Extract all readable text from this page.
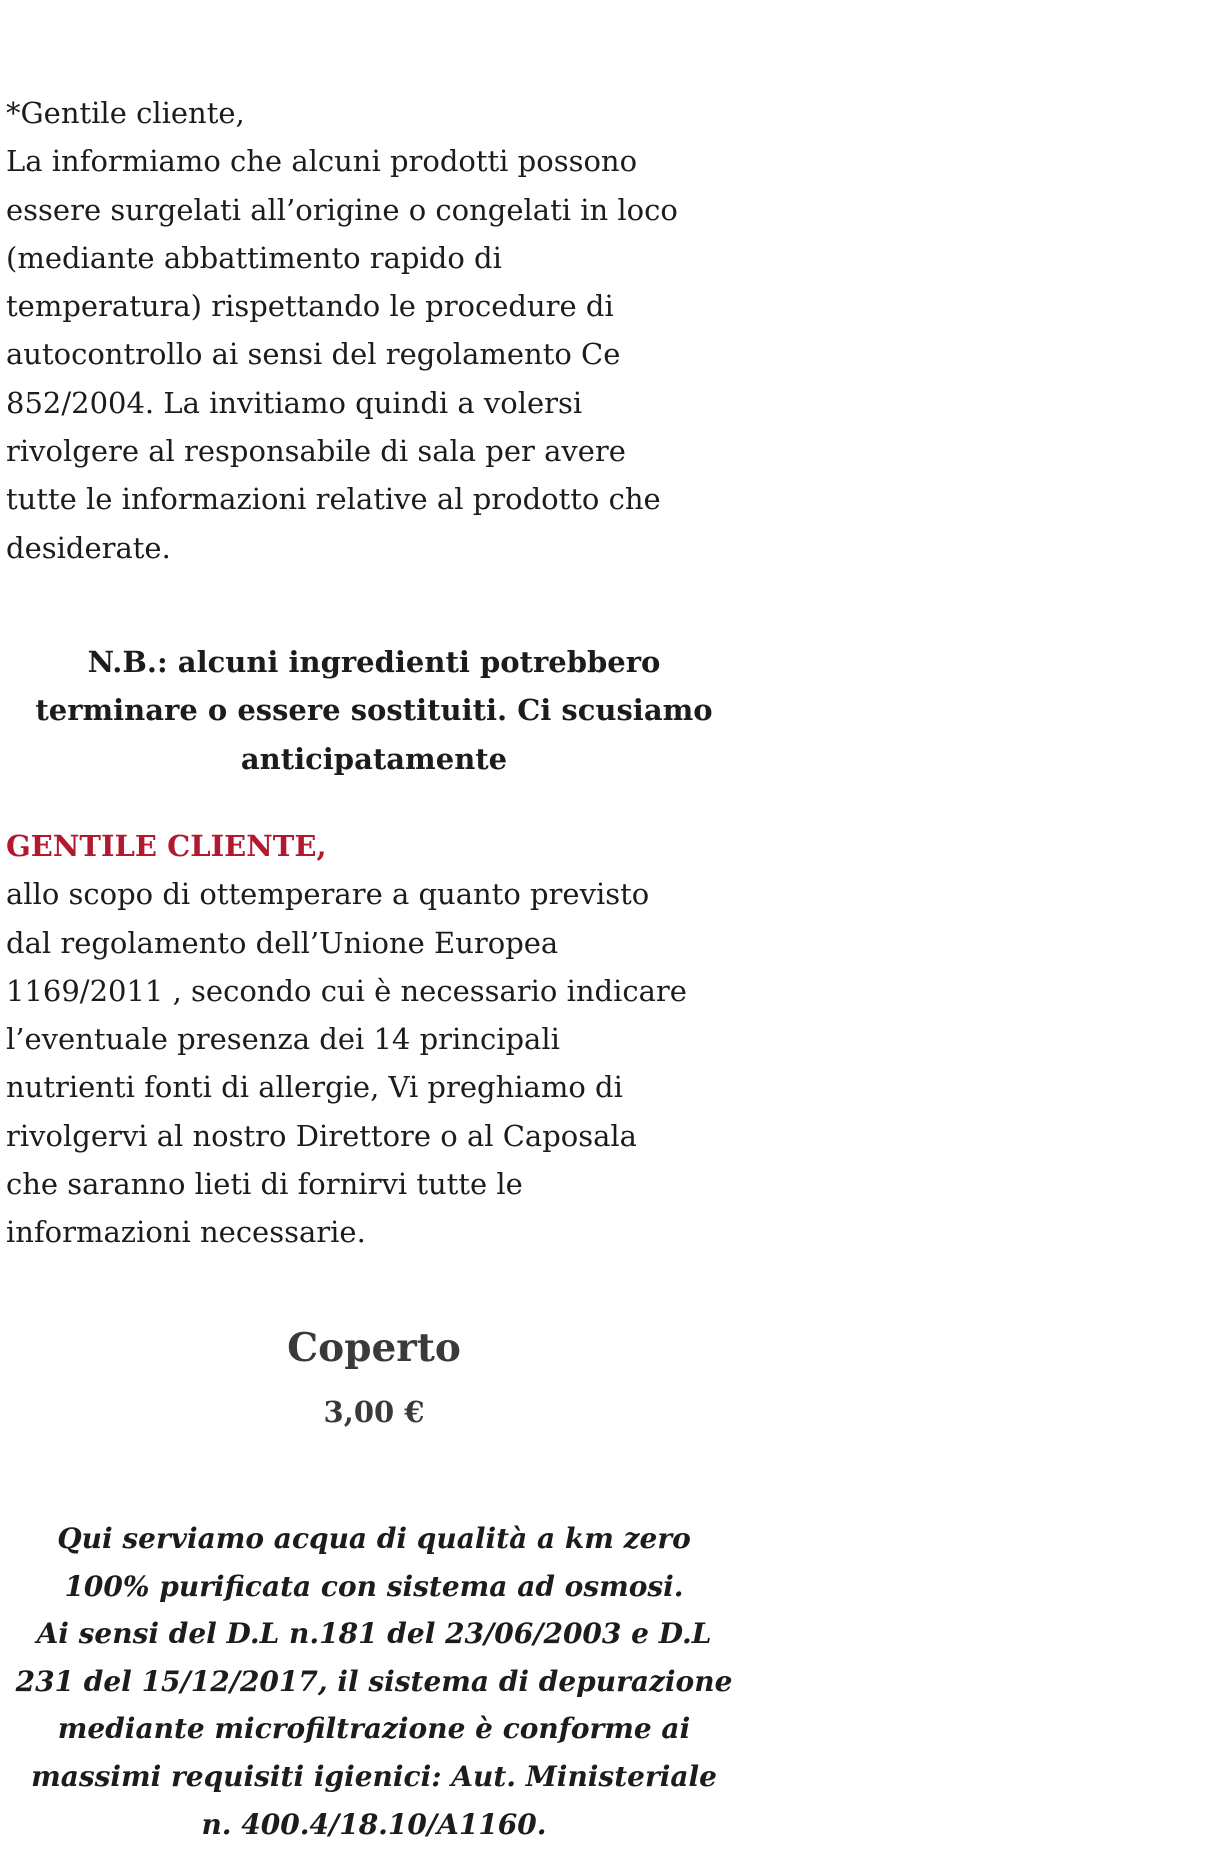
*Gentile cliente,
La informiamo che alcuni prodotti possono
essere surgelati all’origine o congelati in loco
(mediante abbattimento rapido di
temperatura) rispettando le procedure di
autocontrollo ai sensi del regolamento Ce
852/2004. La invitiamo quindi a volersi
rivolgere al responsabile di sala per avere
tutte le informazioni relative al prodotto che
desiderate.
N.B.: alcuni ingredienti potrebbero
terminare o essere sostituiti. Ci scusiamo
anticipatamente
GENTILE CLIENTE,
allo scopo di ottemperare a quanto previsto
dal regolamento dell’Unione Europea
1169/2011 , secondo cui è necessario indicare
l’eventuale presenza dei 14 principali
nutrienti fonti di allergie, Vi preghiamo di
rivolgervi al nostro Direttore o al Caposala
che saranno lieti di fornirvi tutte le
informazioni necessarie.
Coperto
3,00 €
Qui serviamo acqua di qualità a km zero
100% purificata con sistema ad osmosi.
Ai sensi del D.L n.181 del 23/06/2003 e D.L
231 del 15/12/2017, il sistema di depurazione
mediante microfiltrazione è conforme ai
massimi requisiti igienici: Aut. Ministeriale
n. 400.4/18.10/A1160.
